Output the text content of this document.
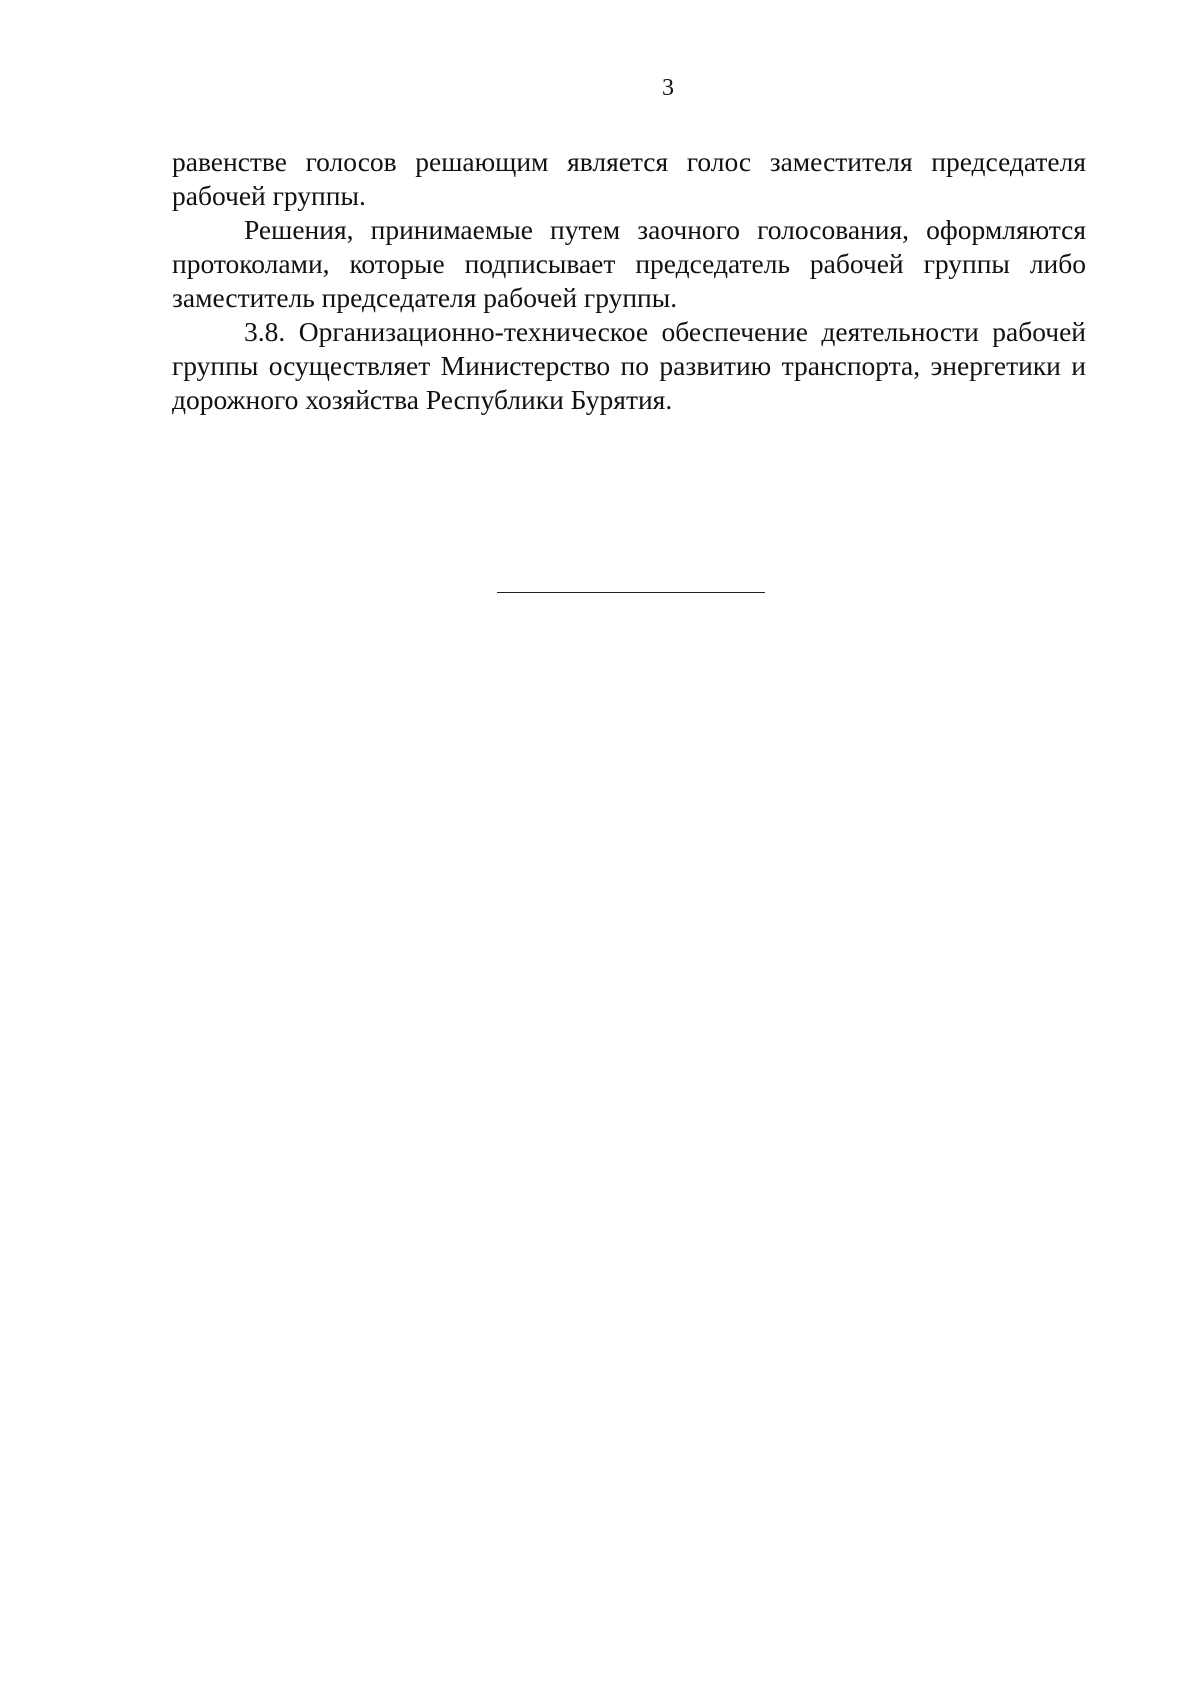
3

равенстве голосов решающим является голос заместителя председателя рабочей группы.

Решения, принимаемые путем заочного голосования, оформляются протоколами, которые подписывает председатель рабочей группы либо заместитель председателя рабочей группы.

3.8. Организационно-техническое обеспечение деятельности рабочей группы осуществляет Министерство по развитию транспорта, энергетики и дорожного хозяйства Республики Бурятия.
